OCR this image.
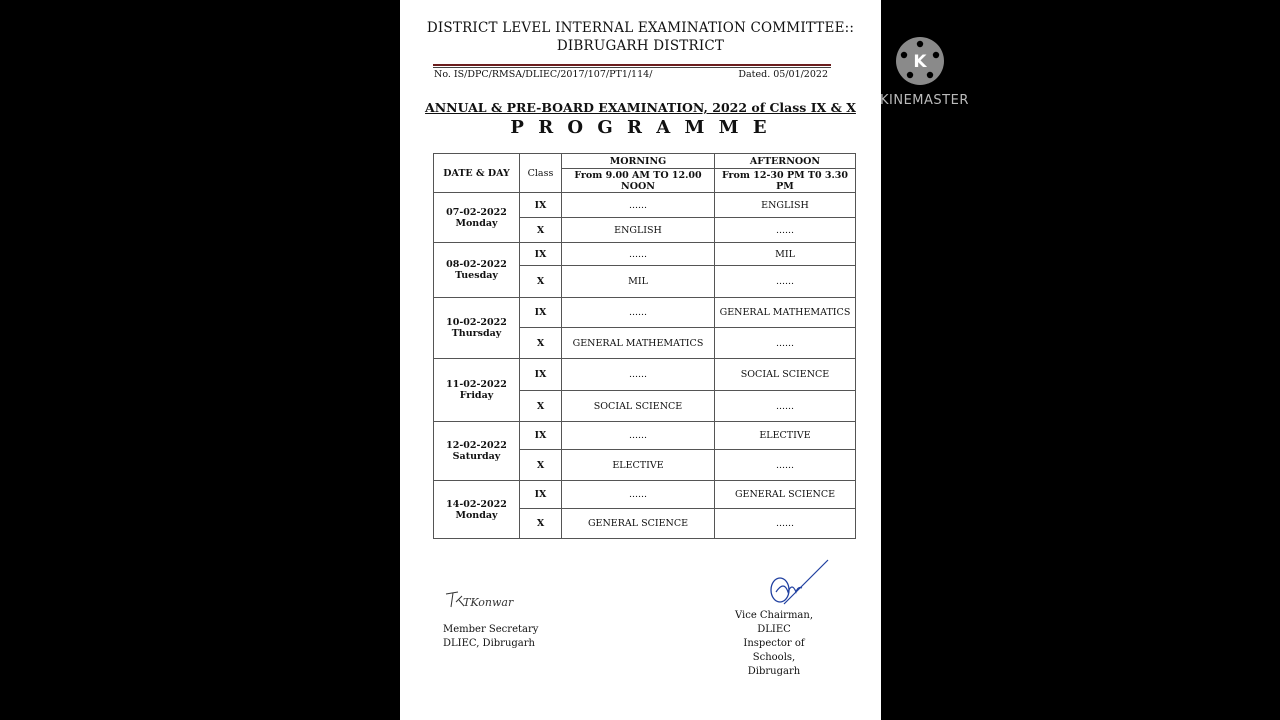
DISTRICT LEVEL INTERNAL EXAMINATION COMMITTEE::
DIBRUGARH DISTRICT
No. IS/DPC/RMSA/DLIEC/2017/107/PT1/114/	Dated. 05/01/2022
ANNUAL & PRE-BOARD EXAMINATION, 2022 of Class IX & X
P R O G R A M M E
DATE & DAY	Class	MORNING	AFTERNOON
		From 9.00 AM TO 12.00 NOON	From 12-30 PM T0 3.30 PM

07-02-2022
Monday	IX	......	ENGLISH
	X	ENGLISH	......

08-02-2022
Tuesday	IX	......	MIL
	X	MIL	......

10-02-2022
Thursday	IX	......	GENERAL MATHEMATICS
	X	GENERAL MATHEMATICS	......

11-02-2022
Friday	IX	......	SOCIAL SCIENCE
	X	SOCIAL SCIENCE	......

12-02-2022
Saturday	IX	......	ELECTIVE
	X	ELECTIVE	......

14-02-2022
Monday	IX	......	GENERAL SCIENCE
	X	GENERAL SCIENCE	......
TKonwar
Member Secretary
DLIEC, Dibrugarh
Vice Chairman, DLIEC
Inspector of Schools,
Dibrugarh
K
KINEMASTER
